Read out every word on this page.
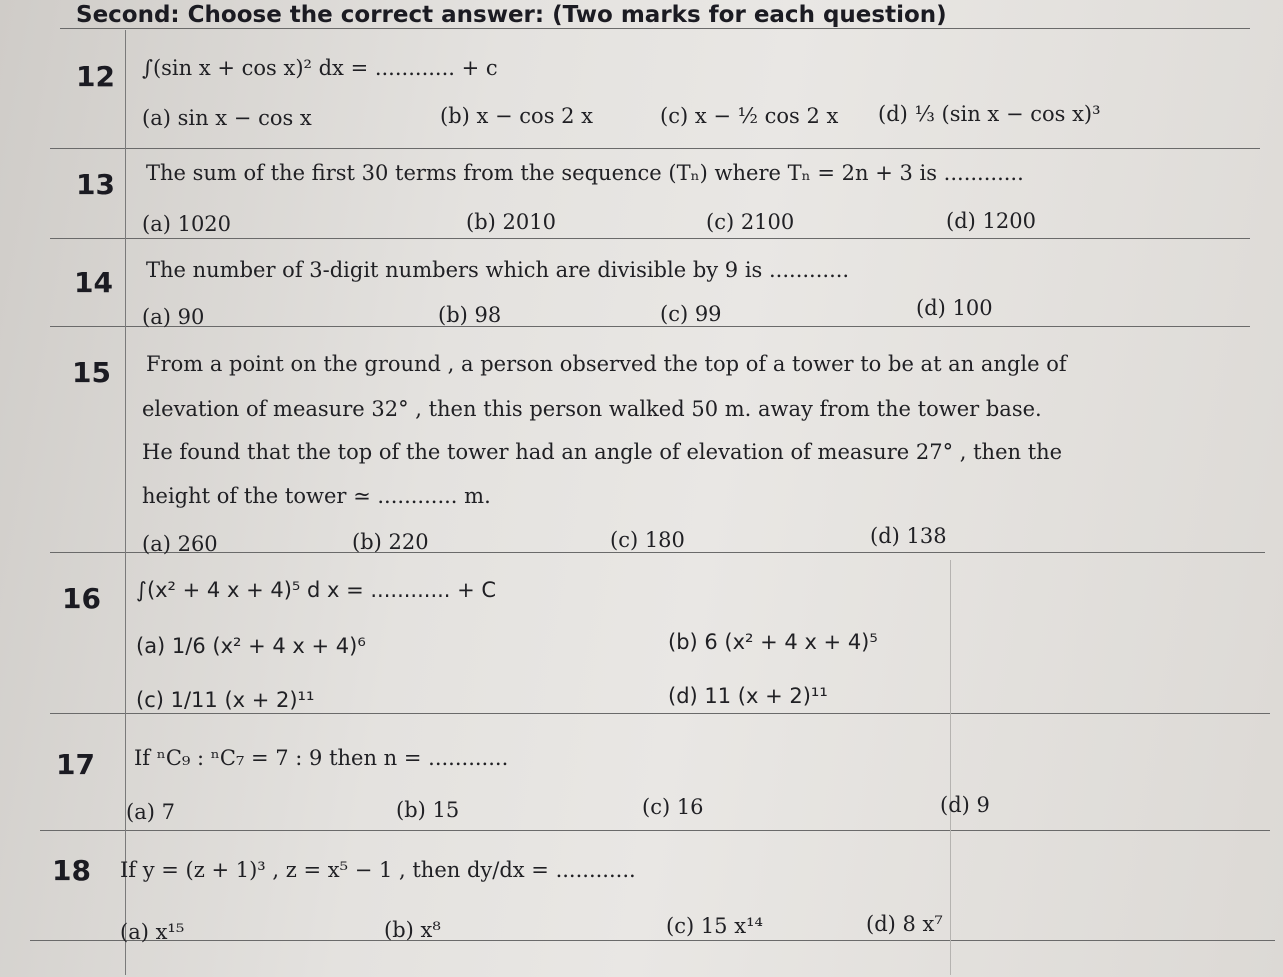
Second: Choose the correct answer: (Two marks for each question)
12 ∫(sin x + cos x)² dx = ............ + c
(a) sin x − cos x	(b) x − cos 2 x	(c) x − ½ cos 2 x (d) ⅓ (sin x − cos x)³
13 The sum of the first 30 terms from the sequence (Tₙ) where Tₙ = 2n + 3 is ............
(a) 1020	(b) 2010	(c) 2100	(d) 1200
14 The number of 3-digit numbers which are divisible by 9 is ............
(a) 90	(b) 98	(c) 99	(d) 100
15 From a point on the ground , a person observed the top of a tower to be at an angle of
elevation of measure 32° , then this person walked 50 m. away from the tower base.
He found that the top of the tower had an angle of elevation of measure 27° , then the
height of the tower ≃ ............ m.
(a) 260	(b) 220	(c) 180	(d) 138
16 ∫(x² + 4 x + 4)⁵ d x = ............ + C
(a) 1/6 (x² + 4 x + 4)⁶	(b) 6 (x² + 4 x + 4)⁵
(c) 1/11 (x + 2)¹¹	(d) 11 (x + 2)¹¹
17 If ⁿC₉ : ⁿC₇ = 7 : 9 then n = ............
(a) 7	(b) 15	(c) 16	(d) 9
18 If y = (z + 1)³ , z = x⁵ − 1 , then dy/dx = ............
(a) x¹⁵	(b) x⁸	(c) 15 x¹⁴	(d) 8 x⁷
